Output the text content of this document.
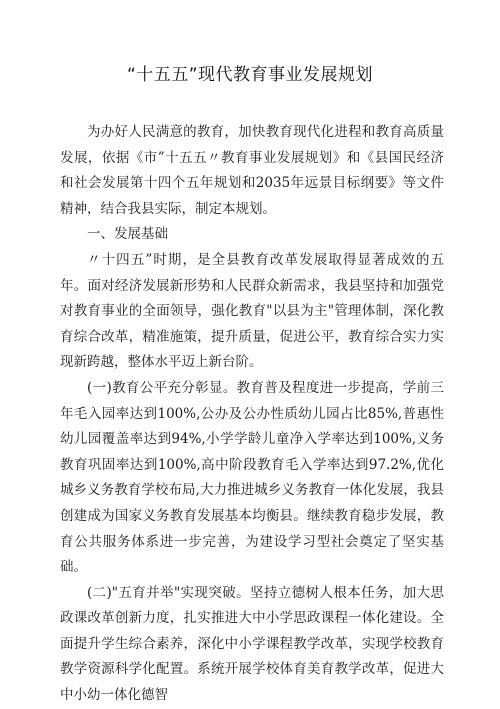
“十五五”现代教育事业发展规划

为办好人民满意的教育，加快教育现代化进程和教育高质量发展，依据《市”十五五〃教育事业发展规划》和《县国民经济和社会发展第十四个五年规划和2035年远景目标纲要》等文件精神，结合我县实际，制定本规划。

一、发展基础

〃十四五”时期，是全县教育改革发展取得显著成效的五年。面对经济发展新形势和人民群众新需求，我县坚持和加强党对教育事业的全面领导，强化教育"以县为主"管理体制，深化教育综合改革，精准施策，提升质量，促进公平，教育综合实力实现新跨越，整体水平迈上新台阶。

(一)教育公平充分彰显。教育普及程度进一步提高，学前三年毛入园率达到100%,公办及公办性质幼儿园占比85%,普惠性幼儿园覆盖率达到94%,小学学龄儿童净入学率达到100%,义务教育巩固率达到100%,高中阶段教育毛入学率达到97.2%,优化城乡义务教育学校布局,大力推进城乡义务教育一体化发展，我县创建成为国家义务教育发展基本均衡县。继续教育稳步发展，教育公共服务体系进一步完善，为建设学习型社会奠定了坚实基础。

(二)"五育并举"实现突破。坚持立德树人根本任务，加大思政课改革创新力度，扎实推进大中小学思政课程一体化建设。全面提升学生综合素养，深化中小学课程教学改革，实现学校教育教学资源科学化配置。系统开展学校体育美育教学改革，促进大中小幼一体化德智
